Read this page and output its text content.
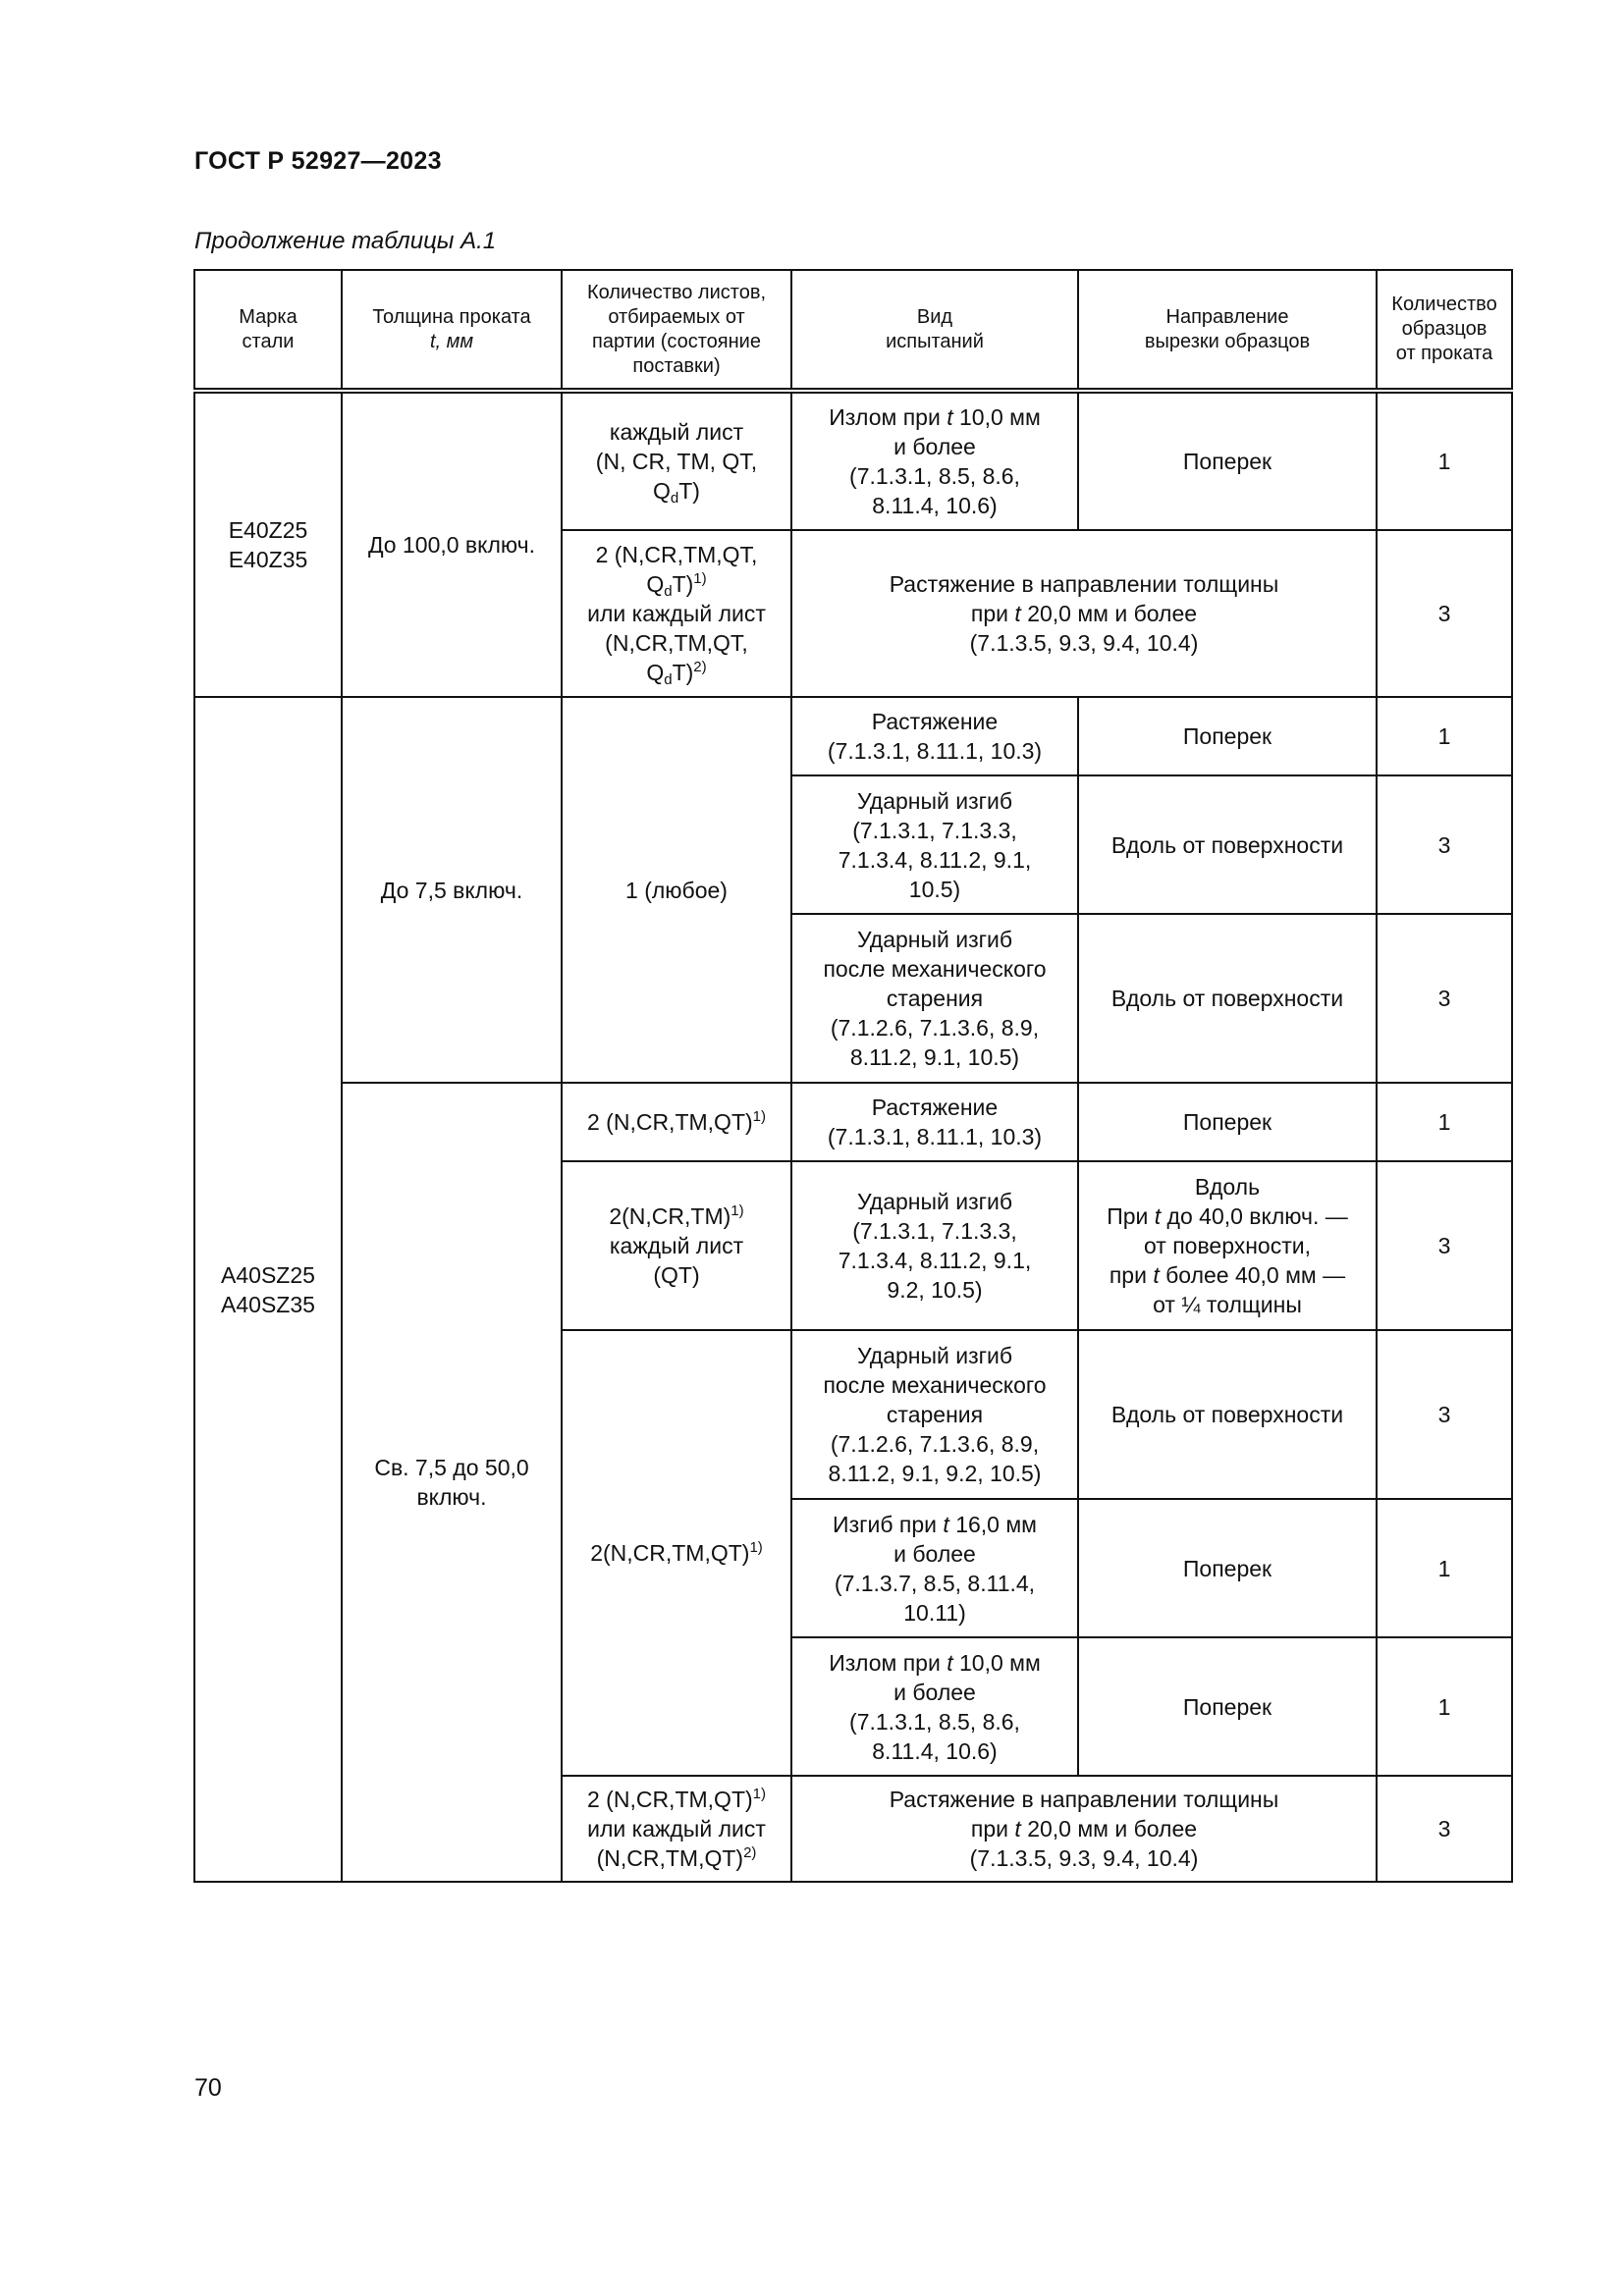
ГОСТ Р 52927—2023
Продолжение таблицы А.1
Марка
стали	Толщина проката
t, мм	Количество листов,
отбираемых от
партии (состояние
поставки)	Вид
испытаний	Направление
вырезки образцов	Количество
образцов
от проката

E40Z25
E40Z35	До 100,0 включ.	каждый лист
(N, CR, TM, QT,
$Q_dT$)	Излом при t 10,0 мм
и более
(7.1.3.1, 8.5, 8.6,
8.11.4, 10.6)	Поперек	1

		2 (N,CR,TM,QT,
$Q_dT)^{1)}$
или каждый лист
(N,CR,TM,QT,
$Q_dT)^{2)}$	Растяжение в направлении толщины
при t 20,0 мм и более
(7.1.3.5, 9.3, 9.4, 10.4)		3

A40SZ25
A40SZ35	До 7,5 включ.	1 (любое)	Растяжение
(7.1.3.1, 8.11.1, 10.3)	Поперек	1

			Ударный изгиб
(7.1.3.1, 7.1.3.3,
7.1.3.4, 8.11.2, 9.1,
10.5)	Вдоль от поверхности	3

			Ударный изгиб
после механического
старения
(7.1.2.6, 7.1.3.6, 8.9,
8.11.2, 9.1, 10.5)	Вдоль от поверхности	3

	Св. 7,5 до 50,0
включ.	2 $(N,CR,TM,QT)^{1)}$	Растяжение
(7.1.3.1, 8.11.1, 10.3)	Поперек	1

		$2(N,CR,TM)^{1)}$
каждый лист
(QT)	Ударный изгиб
(7.1.3.1, 7.1.3.3,
7.1.3.4, 8.11.2, 9.1,
9.2, 10.5)	Вдоль
При t до 40,0 включ. —
от поверхности,
при t более 40,0 мм —
от ¼ толщины	3

		$2(N,CR,TM,QT)^{1)}$	Ударный изгиб
после механического
старения
(7.1.2.6, 7.1.3.6, 8.9,
8.11.2, 9.1, 9.2, 10.5)	Вдоль от поверхности	3

			Изгиб при t 16,0 мм
и более
(7.1.3.7, 8.5, 8.11.4,
10.11)	Поперек	1

			Излом при t 10,0 мм
и более
(7.1.3.1, 8.5, 8.6,
8.11.4, 10.6)	Поперек	1

		2 $(N,CR,TM,QT)^{1)}$
или каждый лист
$(N,CR,TM,QT)^{2)}$	Растяжение в направлении толщины
при t 20,0 мм и более
(7.1.3.5, 9.3, 9.4, 10.4)		3
70
